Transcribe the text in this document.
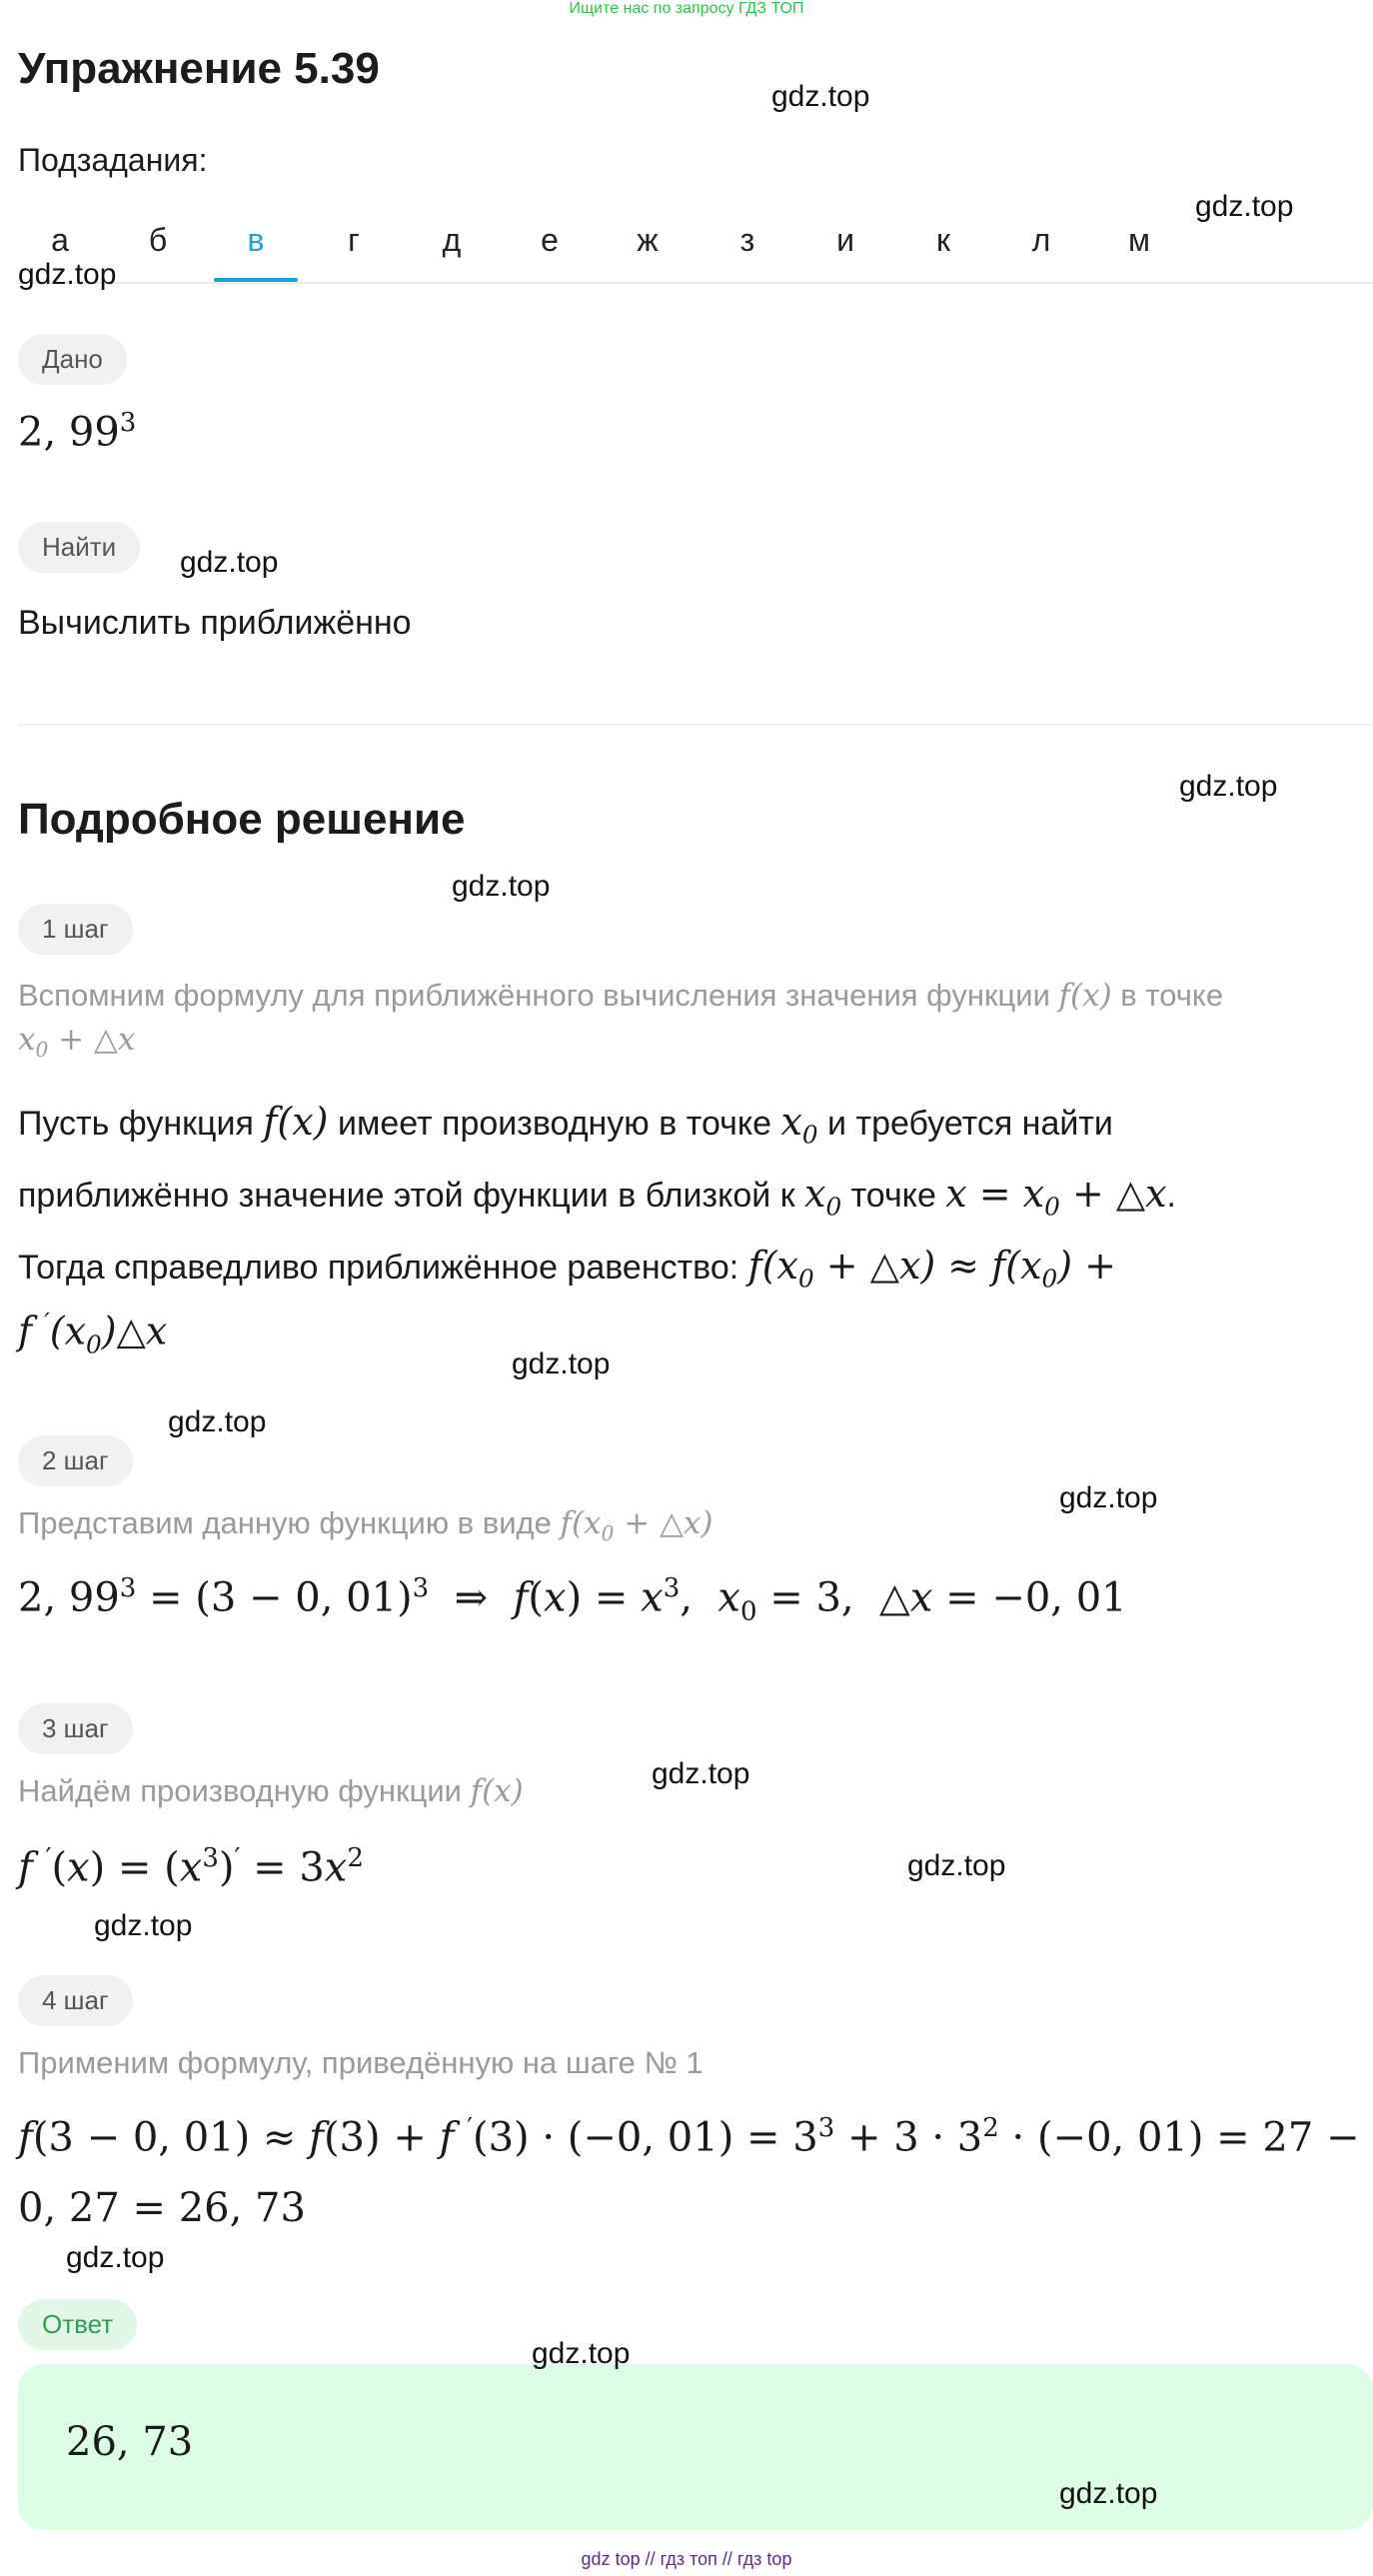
Ищите нас по запросу ГДЗ ТОП
Упражнение 5.39
Подзадания:
а	б	в	г	д	е	ж	з	и	к	л	м
Дано
2, $99^3$
Найти
Вычислить приближённо
Подробное решение
1 шаг
Вспомним формулу для приближённого вычисления значения функции f(x) в точке
$x_0$ + △x
Пусть функция f(x) имеет производную в точке $x_0$ и требуется найти
приближённо значение этой функции в близкой к $x_0$ точке $x = x_0$ + △x.
Тогда справедливо приближённое равенство: $f(x_0$ + △x) ≈ $f(x_0)$ +
f $'(x_0)\triangle x$
2 шаг
Представим данную функцию в виде $f(x_0$ + △x)
2, $99^3 = (3 - 0$, 01)$^3$  ⇒  $f(x) = x^3$,  $x_0 = 3$,  △x = −0, 01
3 шаг
Найдём производную функции f(x)
f $'(x) = (x^3)' = 3x^2$
4 шаг
Применим формулу, приведённую на шаге № 1
f(3 − 0, 01) ≈ f(3) + f ′(3) · (−0, $01) = 3^3 + 3 \cdot 3^2 \cdot (-0$, 01) = 27 −
0, 27 = 26, 73
Ответ
26, 73
gdz.top
gdz.top
gdz.top
gdz.top
gdz.top
gdz.top
gdz.top
gdz.top
gdz.top
gdz.top
gdz.top
gdz.top
gdz.top
gdz.top
gdz.top
gdz top // гдз топ // гдз top
